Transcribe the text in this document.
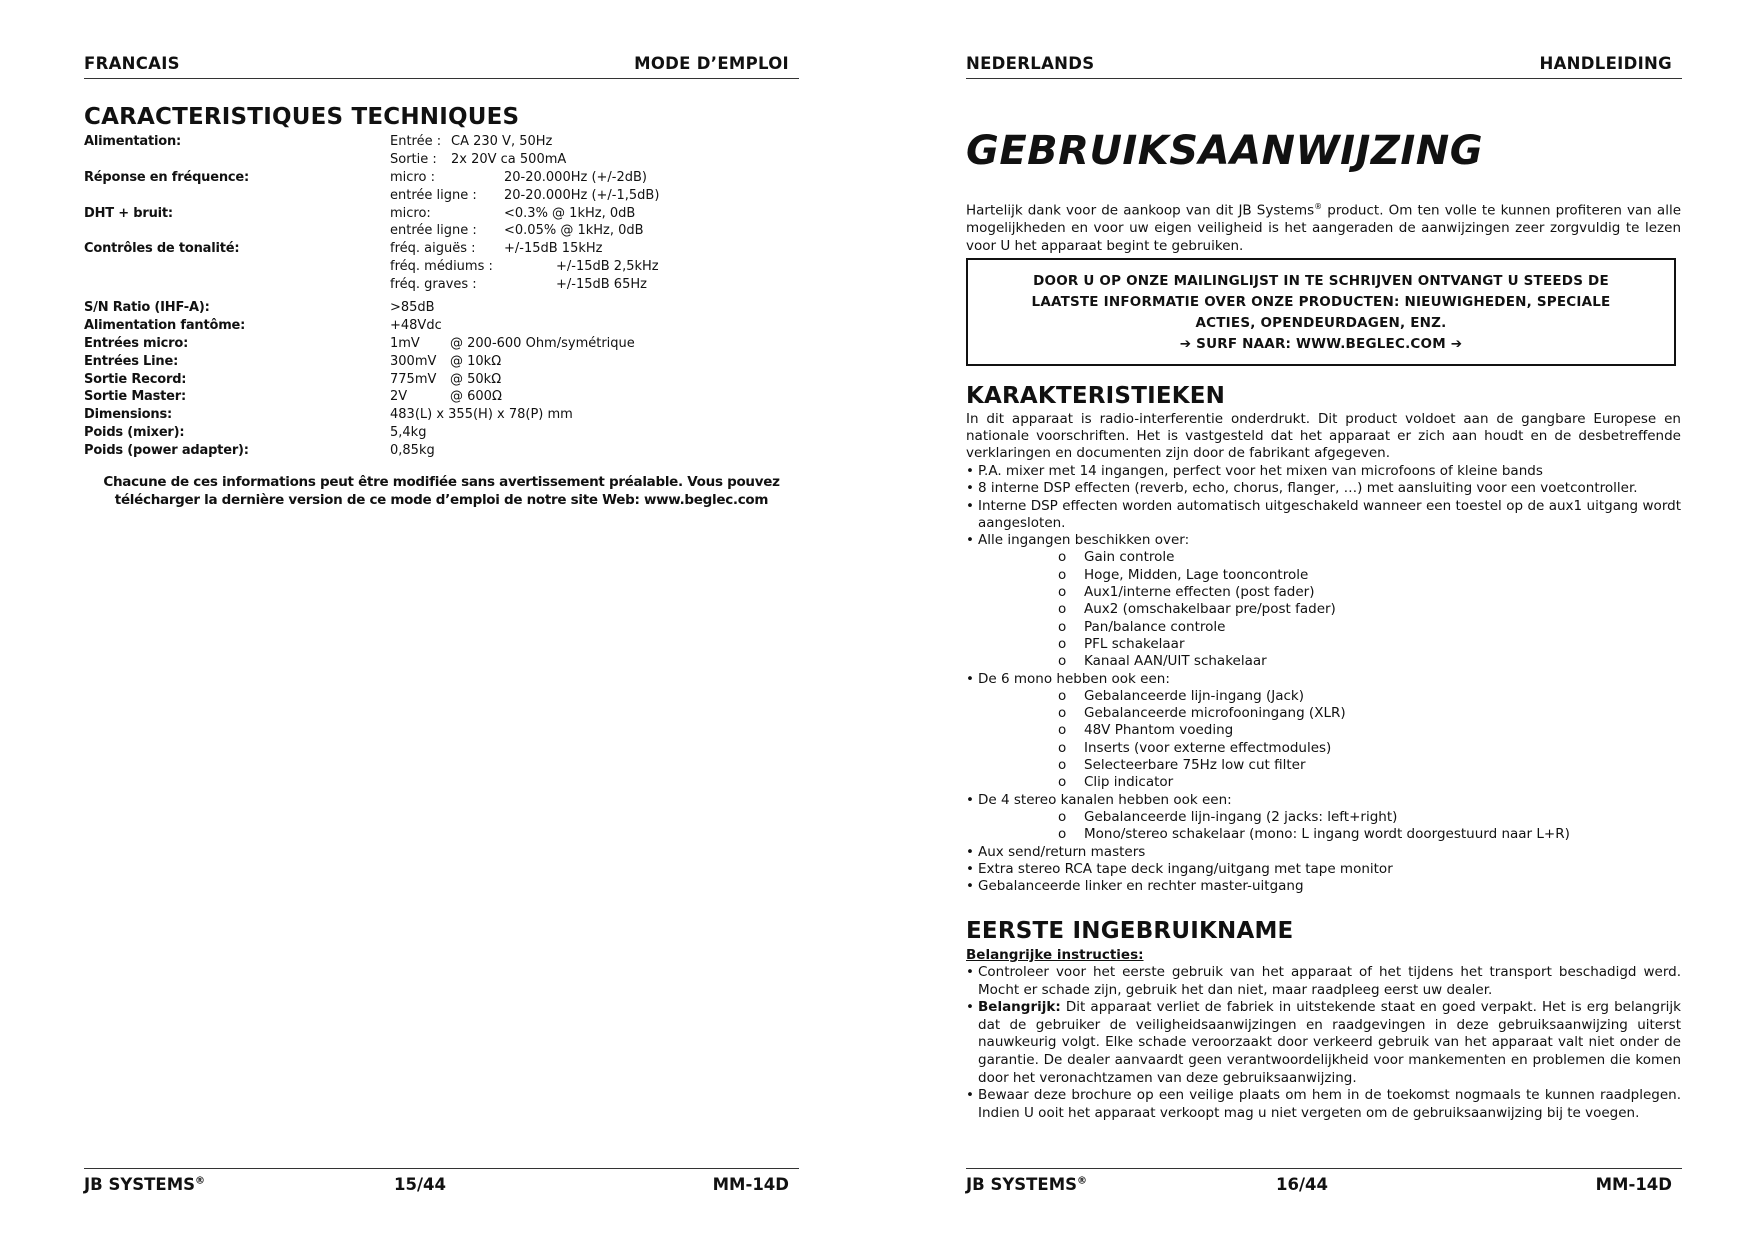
FRANCAIS	MODE D’EMPLOI
CARACTERISTIQUES TECHNIQUES
Alimentation:	Entrée : CA 230 V, 50Hz
Sortie : 2x 20V ca 500mA
Réponse en fréquence:	micro :	20-20.000Hz (+/-2dB)
entrée ligne : 20-20.000Hz (+/-1,5dB)
DHT + bruit:	micro:	<0.3% @ 1kHz, 0dB
entrée ligne : <0.05% @ 1kHz, 0dB
Contrôles de tonalité:	fréq. aiguës : +/-15dB 15kHz
fréq. médiums :	+/-15dB 2,5kHz
fréq. graves :	+/-15dB 65Hz
S/N Ratio (IHF-A):	>85dB
Alimentation fantôme:	+48Vdc
Entrées micro:	1mV @ 200-600 Ohm/symétrique
Entrées Line:	300mV @ 10kΩ
Sortie Record:	775mV @ 50kΩ
Sortie Master:	2V	@ 600Ω
Dimensions:	483(L) x 355(H) x 78(P) mm
Poids (mixer):	5,4kg
Poids (power adapter):	0,85kg
Chacune de ces informations peut être modifiée sans avertissement préalable. Vous pouvez
télécharger la dernière version de ce mode d’emploi de notre site Web: www.beglec.com
JB SYSTEMS®	15/44	MM-14D
NEDERLANDS	HANDLEIDING
GEBRUIKSAANWIJZING

Hartelijk dank voor de aankoop van dit JB Systems® product. Om ten volle te kunnen profiteren van alle mogelijkheden en voor uw eigen veiligheid is het aangeraden de aanwijzingen zeer zorgvuldig te lezen voor U het apparaat begint te gebruiken.

DOOR U OP ONZE MAILINGLIJST IN TE SCHRIJVEN ONTVANGT U STEEDS DE
LAATSTE INFORMATIE OVER ONZE PRODUCTEN: NIEUWIGHEDEN, SPECIALE
ACTIES, OPENDEURDAGEN, ENZ.
➔ SURF NAAR: WWW.BEGLEC.COM ➔
KARAKTERISTIEKEN

In dit apparaat is radio-interferentie onderdrukt. Dit product voldoet aan de gangbare Europese en nationale voorschriften. Het is vastgesteld dat het apparaat er zich aan houdt en de desbetreffende verklaringen en documenten zijn door de fabrikant afgegeven.

• P.A. mixer met 14 ingangen, perfect voor het mixen van microfoons of kleine bands
• 8 interne DSP effecten (reverb, echo, chorus, flanger, …) met aansluiting voor een voetcontroller.
• Interne DSP effecten worden automatisch uitgeschakeld wanneer een toestel op de aux1 uitgang wordt aangesloten.
• Alle ingangen beschikken over:
o Gain controle
o Hoge, Midden, Lage tooncontrole
o Aux1/interne effecten (post fader)
o Aux2 (omschakelbaar pre/post fader)
o Pan/balance controle
o PFL schakelaar
o Kanaal AAN/UIT schakelaar
• De 6 mono hebben ook een:
o Gebalanceerde lijn-ingang (Jack)
o Gebalanceerde microfooningang (XLR)
o 48V Phantom voeding
o Inserts (voor externe effectmodules)
o Selecteerbare 75Hz low cut filter
o Clip indicator
• De 4 stereo kanalen hebben ook een:
o Gebalanceerde lijn-ingang (2 jacks: left+right)
o Mono/stereo schakelaar (mono: L ingang wordt doorgestuurd naar L+R)
• Aux send/return masters
• Extra stereo RCA tape deck ingang/uitgang met tape monitor
• Gebalanceerde linker en rechter master-uitgang
EERSTE INGEBRUIKNAME
Belangrijke instructies:
• Controleer voor het eerste gebruik van het apparaat of het tijdens het transport beschadigd werd. Mocht er schade zijn, gebruik het dan niet, maar raadpleeg eerst uw dealer.
• Belangrijk: Dit apparaat verliet de fabriek in uitstekende staat en goed verpakt. Het is erg belangrijk dat de gebruiker de veiligheidsaanwijzingen en raadgevingen in deze gebruiksaanwijzing uiterst nauwkeurig volgt. Elke schade veroorzaakt door verkeerd gebruik van het apparaat valt niet onder de garantie. De dealer aanvaardt geen verantwoordelijkheid voor mankementen en problemen die komen door het veronachtzamen van deze gebruiksaanwijzing.
• Bewaar deze brochure op een veilige plaats om hem in de toekomst nogmaals te kunnen raadplegen. Indien U ooit het apparaat verkoopt mag u niet vergeten om de gebruiksaanwijzing bij te voegen.
JB SYSTEMS®	16/44	MM-14D
